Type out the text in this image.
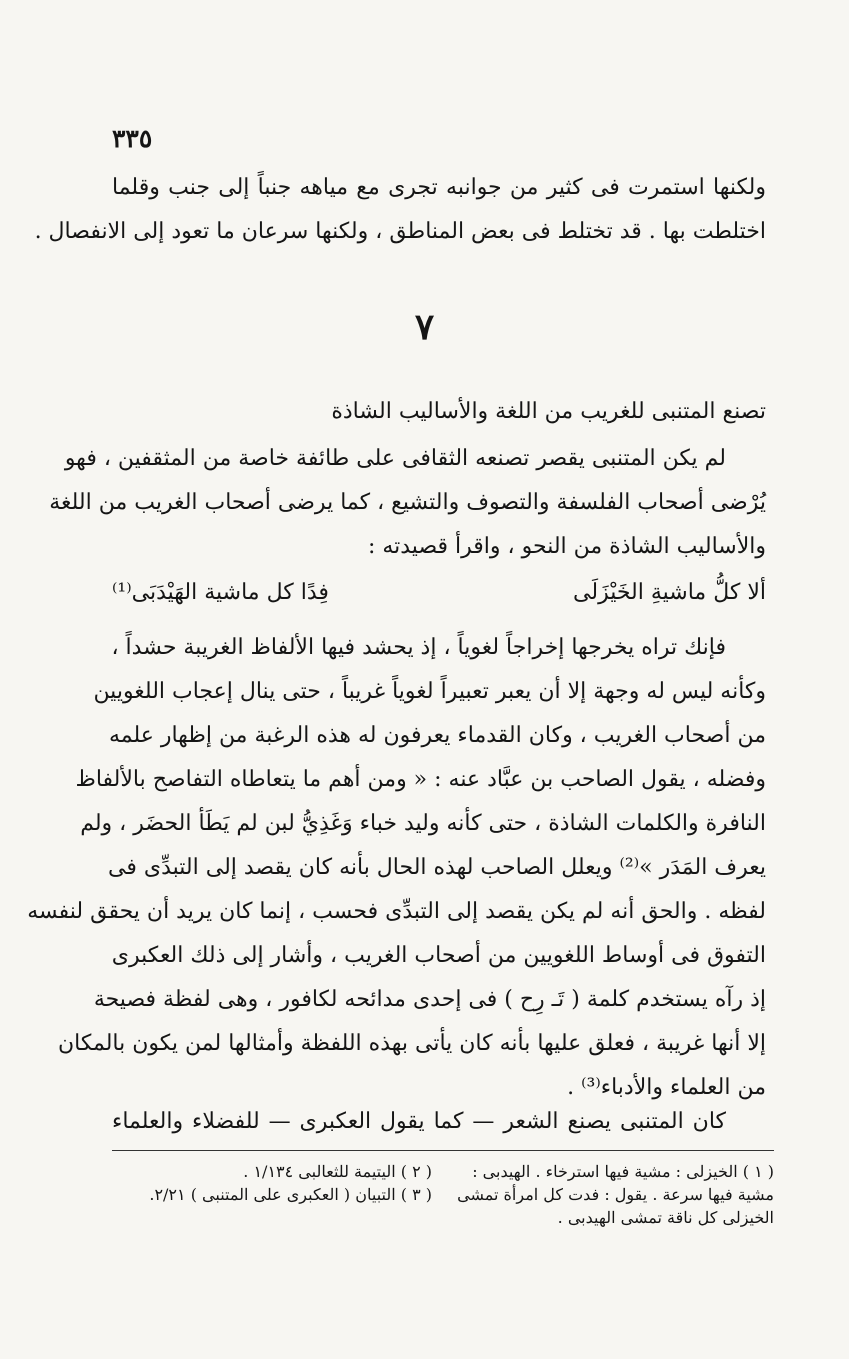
٣٣٥
ولكنها استمرت فى كثير من جوانبه تجرى مع مياهه جنباً إلى جنب وقلما
اختلطت بها . قد تختلط فى بعض المناطق ، ولكنها سرعان ما تعود إلى الانفصال .
٧
تصنع المتنبى للغريب من اللغة والأساليب الشاذة
لم يكن المتنبى يقصر تصنعه الثقافى على طائفة خاصة من المثقفين ، فهو
يُرْضى أصحاب الفلسفة والتصوف والتشيع ، كما يرضى أصحاب الغريب من اللغة
والأساليب الشاذة من النحو ، واقرأ قصيدته :
ألا كلُّ ماشيةِ الخَيْزَلَى
فِدًا كل ماشية الهَيْدَبَى⁽¹⁾
فإنك تراه يخرجها إخراجاً لغوياً ، إذ يحشد فيها الألفاظ الغريبة حشداً ،
وكأنه ليس له وجهة إلا أن يعبر تعبيراً لغوياً غريباً ، حتى ينال إعجاب اللغويين
من أصحاب الغريب ، وكان القدماء يعرفون له هذه الرغبة من إظهار علمه
وفضله ، يقول الصاحب بن عبَّاد عنه : « ومن أهم ما يتعاطاه التفاصح بالألفاظ
النافرة والكلمات الشاذة ، حتى كأنه وليد خباء وَغَذِيُّ لبن لم يَطَأ الحضَر ، ولم
يعرف المَدَر »⁽²⁾ ويعلل الصاحب لهذه الحال بأنه كان يقصد إلى التبدِّى فى
لفظه . والحق أنه لم يكن يقصد إلى التبدِّى فحسب ، إنما كان يريد أن يحقق لنفسه
التفوق فى أوساط اللغويين من أصحاب الغريب ، وأشار إلى ذلك العكبرى
إذ رآه يستخدم كلمة ( تَـ رِح ) فى إحدى مدائحه لكافور ، وهى لفظة فصيحة
إلا أنها غريبة ، فعلق عليها بأنه كان يأتى بهذه اللفظة وأمثالها لمن يكون بالمكان
من العلماء والأدباء⁽³⁾ .
كان المتنبى يصنع الشعر — كما يقول العكبرى — للفضلاء والعلماء
( ١ ) الخيزلى : مشية فيها استرخاء . الهيدبى :
مشية فيها سرعة . يقول : فدت كل امرأة تمشى
الخيزلى كل ناقة تمشى الهيدبى .
( ٢ ) اليتيمة للثعالبى ١/١٣٤ .
( ٣ ) التبيان ( العكبرى على المتنبى ) ٢/٢١.
